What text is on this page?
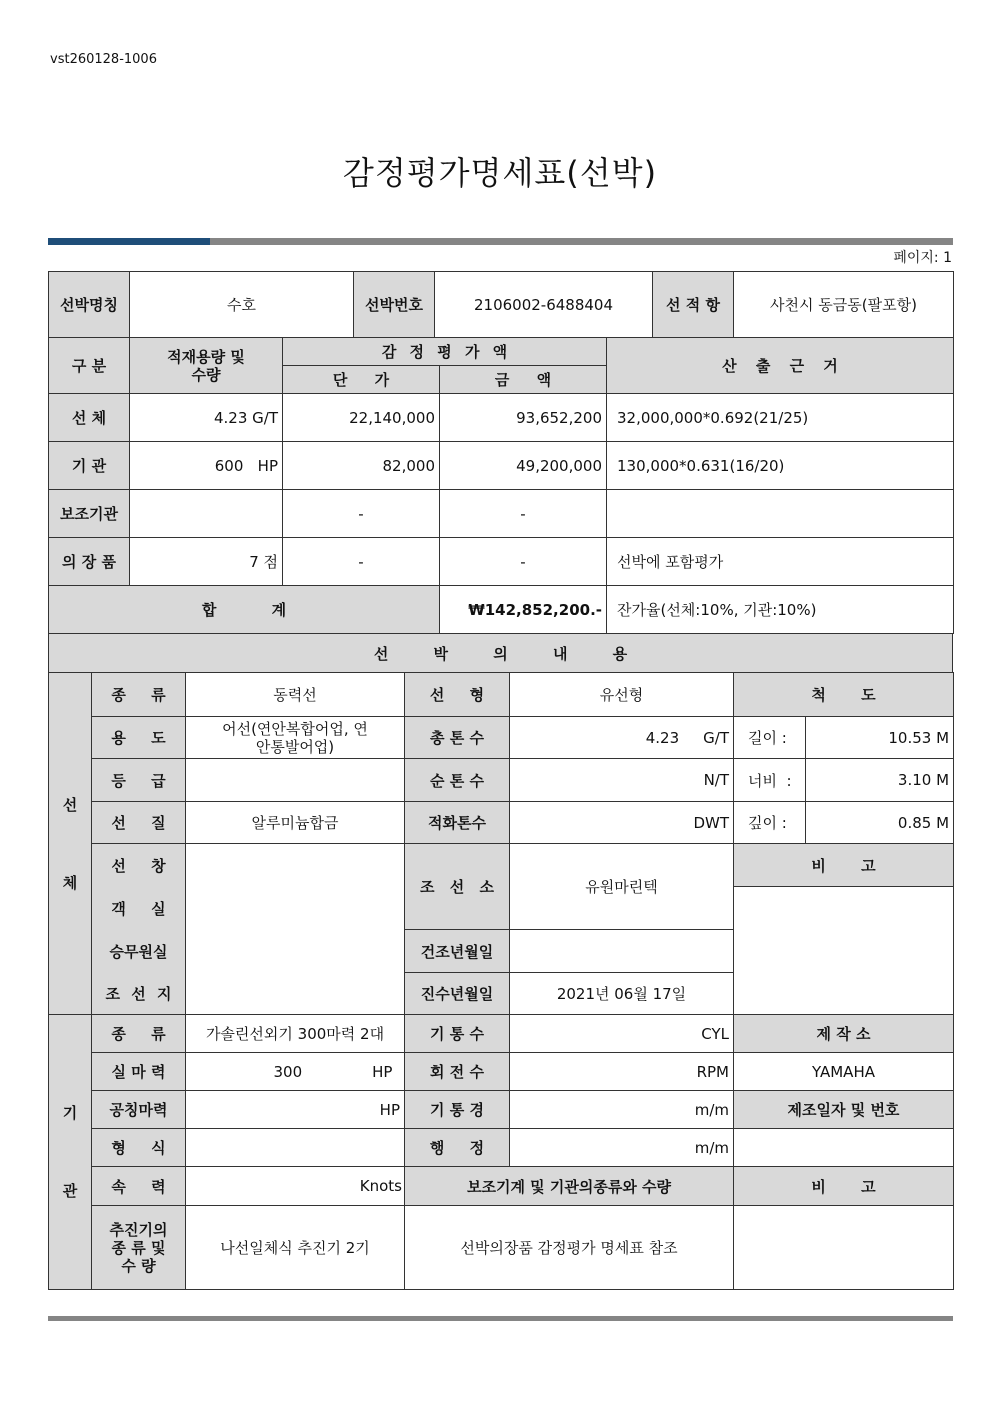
vst260128-1006
감정평가명세표(선박)
페이지: 1
선박명칭	수호	선박번호	2106002-6488404	선 적 항	사천시 동금동(팔포항)
구 분	적재용량 및 수량	감 정 평 가 액		산 출 근 거
		단 가	금 액	
선 체	4.23 G/T	22,140,000	93,652,200	32,000,000*0.692(21/25)
기 관	600   HP	82,000	49,200,000	130,000*0.631(16/20)
보조기관		-	-	
의 장 품	7 점	-	-	선박에 포함평가
합 계			₩142,852,200.-	잔가율(선체:10%, 기관:10%)
선 박 의 내 용
선 체	종 류	동력선	선 형	유선형	척 도	
	용 도	어선(연안복합어업, 연안통발어업)	총 톤 수	4.23 G/T	길이 :	10.53 M
	등 급		순 톤 수	N/T	너비  :	3.10 M
	선 질	알루미늄합금	적화톤수	DWT	깊이 :	0.85 M
	선 창		조 선 소	유원마린텍	비 고	
	객 실					
	승무원실		건조년월일			
	조 선 지		진수년월일	2021년 06월 17일		
기 관	종 류	가솔린선외기 300마력 2대	기 통 수	CYL	제 작 소
	실 마 력	300 HP	회 전 수	RPM	YAMAHA
	공칭마력	HP	기 통 경	m/m	제조일자 및 번호
	형 식		행 정	m/m	
	속 력	Knots	보조기계 및 기관의종류와 수량		비 고
	추진기의 종 류 및 수 량	나선일체식 추진기 2기	선박의장품 감정평가 명세표 참조		
